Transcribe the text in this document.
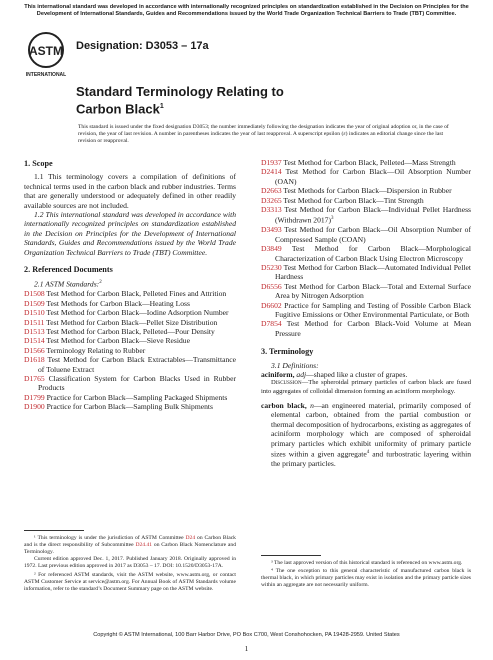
This international standard was developed in accordance with internationally recognized principles on standardization established in the Decision on Principles for the Development of International Standards, Guides and Recommendations issued by the World Trade Organization Technical Barriers to Trade (TBT) Committee.
ASTM
INTERNATIONAL
Designation: D3053 – 17a
Standard Terminology Relating to
Carbon Black$^1$
This standard is issued under the fixed designation D3053; the number immediately following the designation indicates the year of original adoption or, in the case of revision, the year of last revision. A number in parentheses indicates the year of last reapproval. A superscript epsilon (ε) indicates an editorial change since the last revision or reapproval.

1. Scope

1.1 This terminology covers a compilation of definitions of technical terms used in the carbon black and rubber industries. Terms that are generally understood or adequately defined in other readily available sources are not included.

1.2 This international standard was developed in accordance with internationally recognized principles on standardization established in the Decision on Principles for the Development of International Standards, Guides and Recommendations issued by the World Trade Organization Technical Barriers to Trade (TBT) Committee.

2. Referenced Documents

2.1 ASTM Standards:$^2$

D1508 Test Method for Carbon Black, Pelleted Fines and Attrition

D1509 Test Methods for Carbon Black—Heating Loss

D1510 Test Method for Carbon Black—Iodine Adsorption Number

D1511 Test Method for Carbon Black—Pellet Size Distribution

D1513 Test Method for Carbon Black, Pelleted—Pour Density

D1514 Test Method for Carbon Black—Sieve Residue

D1566 Terminology Relating to Rubber

D1618 Test Method for Carbon Black Extractables—Transmittance of Toluene Extract

D1765 Classification System for Carbon Blacks Used in Rubber Products

D1799 Practice for Carbon Black—Sampling Packaged Shipments

D1900 Practice for Carbon Black—Sampling Bulk Shipments

¹ This terminology is under the jurisdiction of ASTM Committee D24 on Carbon Black and is the direct responsibility of Subcommittee D24.41 on Carbon Black Nomenclature and Terminology.

Current edition approved Dec. 1, 2017. Published January 2018. Originally approved in 1972. Last previous edition approved in 2017 as D3053 – 17. DOI: 10.1520/D3053-17A.

² For referenced ASTM standards, visit the ASTM website, www.astm.org, or contact ASTM Customer Service at service@astm.org. For Annual Book of ASTM Standards volume information, refer to the standard’s Document Summary page on the ASTM website.

D1937 Test Method for Carbon Black, Pelleted—Mass Strength

D2414 Test Method for Carbon Black—Oil Absorption Number (OAN)

D2663 Test Methods for Carbon Black—Dispersion in Rubber

D3265 Test Method for Carbon Black—Tint Strength

D3313 Test Method for Carbon Black—Individual Pellet Hardness (Withdrawn 2017)$^3$

D3493 Test Method for Carbon Black—Oil Absorption Number of Compressed Sample (COAN)

D3849 Test Method for Carbon Black—Morphological Characterization of Carbon Black Using Electron Microscopy

D5230 Test Method for Carbon Black—Automated Individual Pellet Hardness

D6556 Test Method for Carbon Black—Total and External Surface Area by Nitrogen Adsorption

D6602 Practice for Sampling and Testing of Possible Carbon Black Fugitive Emissions or Other Environmental Particulate, or Both

D7854 Test Method for Carbon Black-Void Volume at Mean Pressure

3. Terminology

3.1 Definitions:

aciniform, adj—shaped like a cluster of grapes.

Discussion—The spheroidal primary particles of carbon black are fused into aggregates of colloidal dimension forming an aciniform morphology.

carbon black, n—an engineered material, primarily composed of elemental carbon, obtained from the partial combustion or thermal decomposition of hydrocarbons, existing as aggregates of aciniform morphology which are composed of spheroidal primary particles which exhibit uniformity of primary particle sizes within a given aggregate$^4$ and turbostratic layering within the primary particles.

³ The last approved version of this historical standard is referenced on www.astm.org.

⁴ The one exception to this general characteristic of manufactured carbon black is thermal black, in which primary particles may exist in isolation and the primary particle sizes within an aggregate are not necessarily uniform.

Copyright © ASTM International, 100 Barr Harbor Drive, PO Box C700, West Conshohocken, PA 19428-2959. United States
1
